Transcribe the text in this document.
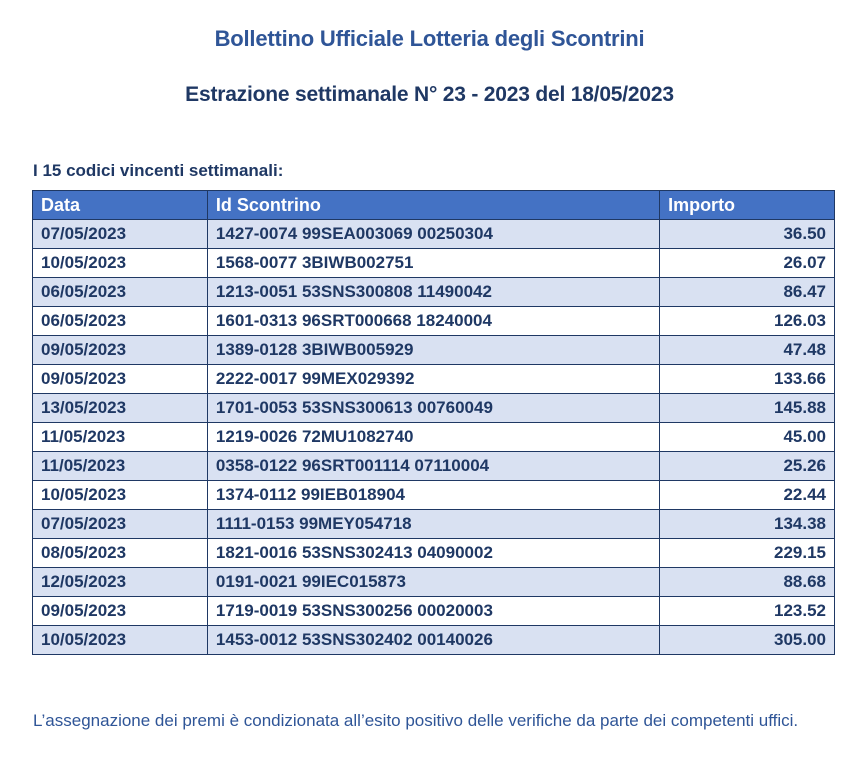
Bollettino Ufficiale Lotteria degli Scontrini
Estrazione settimanale N° 23 - 2023 del 18/05/2023
I 15 codici vincenti settimanali:
Data	Id Scontrino	Importo
07/05/2023	1427-0074 99SEA003069 00250304	36.50
10/05/2023	1568-0077 3BIWB002751	26.07
06/05/2023	1213-0051 53SNS300808 11490042	86.47
06/05/2023	1601-0313 96SRT000668 18240004	126.03
09/05/2023	1389-0128 3BIWB005929	47.48
09/05/2023	2222-0017 99MEX029392	133.66
13/05/2023	1701-0053 53SNS300613 00760049	145.88
11/05/2023	1219-0026 72MU1082740	45.00
11/05/2023	0358-0122 96SRT001114 07110004	25.26
10/05/2023	1374-0112 99IEB018904	22.44
07/05/2023	1111-0153 99MEY054718	134.38
08/05/2023	1821-0016 53SNS302413 04090002	229.15
12/05/2023	0191-0021 99IEC015873	88.68
09/05/2023	1719-0019 53SNS300256 00020003	123.52
10/05/2023	1453-0012 53SNS302402 00140026	305.00
L’assegnazione dei premi è condizionata all’esito positivo delle verifiche da parte dei competenti uffici.
